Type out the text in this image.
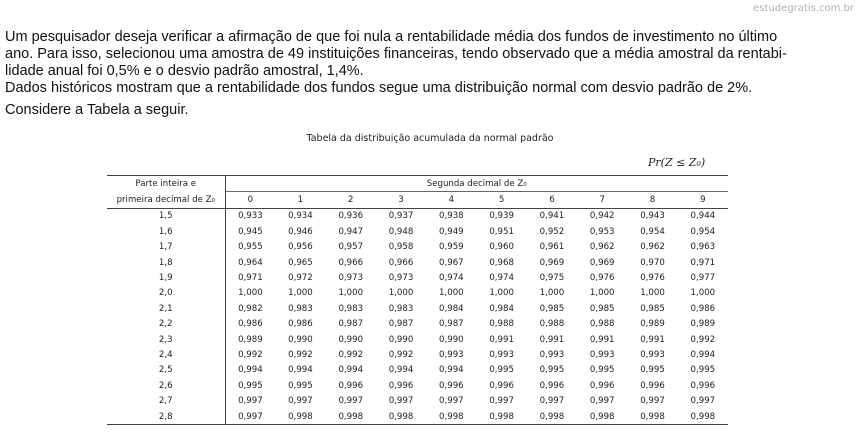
estudegratis.com.br

Um pesquisador deseja verificar a afirmação de que foi nula a rentabilidade média dos fundos de investimento no último
ano. Para isso, selecionou uma amostra de 49 instituições financeiras, tendo observado que a média amostral da rentabi-
lidade anual foi 0,5% e o desvio padrão amostral, 1,4%.

Dados históricos mostram que a rentabilidade dos fundos segue uma distribuição normal com desvio padrão de 2%.

Considere a Tabela a seguir.

Tabela da distribuição acumulada da normal padrão
Pr(Z ≤ Z₀)
Parte inteira e	Segunda decimal de Z₀									
primeira decimal de Z₀	0	1	2	3	4	5	6	7	8	9
1,5	0,933	0,934	0,936	0,937	0,938	0,939	0,941	0,942	0,943	0,944
1,6	0,945	0,946	0,947	0,948	0,949	0,951	0,952	0,953	0,954	0,954
1,7	0,955	0,956	0,957	0,958	0,959	0,960	0,961	0,962	0,962	0,963
1,8	0,964	0,965	0,966	0,966	0,967	0,968	0,969	0,969	0,970	0,971
1,9	0,971	0,972	0,973	0,973	0,974	0,974	0,975	0,976	0,976	0,977
2,0	1,000	1,000	1,000	1,000	1,000	1,000	1,000	1,000	1,000	1,000
2,1	0,982	0,983	0,983	0,983	0,984	0,984	0,985	0,985	0,985	0,986
2,2	0,986	0,986	0,987	0,987	0,987	0,988	0,988	0,988	0,989	0,989
2,3	0,989	0,990	0,990	0,990	0,990	0,991	0,991	0,991	0,991	0,992
2,4	0,992	0,992	0,992	0,992	0,993	0,993	0,993	0,993	0,993	0,994
2,5	0,994	0,994	0,994	0,994	0,994	0,995	0,995	0,995	0,995	0,995
2,6	0,995	0,995	0,996	0,996	0,996	0,996	0,996	0,996	0,996	0,996
2,7	0,997	0,997	0,997	0,997	0,997	0,997	0,997	0,997	0,997	0,997
2,8	0,997	0,998	0,998	0,998	0,998	0,998	0,998	0,998	0,998	0,998
